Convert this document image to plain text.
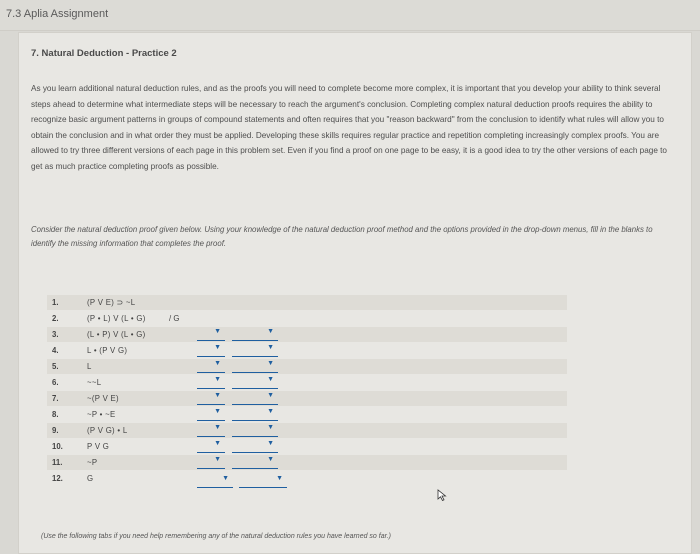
7.3 Aplia Assignment
7. Natural Deduction - Practice 2
As you learn additional natural deduction rules, and as the proofs you will need to complete become more complex, it is important that you develop your ability to think several steps ahead to determine what intermediate steps will be necessary to reach the argument's conclusion. Completing complex natural deduction proofs requires the ability to recognize basic argument patterns in groups of compound statements and often requires that you "reason backward" from the conclusion to identify what rules will allow you to obtain the conclusion and in what order they must be applied. Developing these skills requires regular practice and repetition completing increasingly complex proofs. You are allowed to try three different versions of each page in this problem set. Even if you find a proof on one page to be easy, it is a good idea to try the other versions of each page to get as much practice completing proofs as possible.
Consider the natural deduction proof given below. Using your knowledge of the natural deduction proof method and the options provided in the drop-down menus, fill in the blanks to identify the missing information that completes the proof.
1.	(P V E) ⊃ ~L
2.	(P • L) V (L • G)	/ G
3.	(L • P) V (L • G)	▼	▼
4.	L • (P V G)	▼	▼
5.	L	▼	▼
6.	~~L	▼	▼
7.	~(P V E)	▼	▼
8.	~P • ~E	▼	▼
9.	(P V G) • L	▼	▼
10.	P V G	▼	▼
11.	~P	▼	▼
12.	G	▼	▼
(Use the following tabs if you need help remembering any of the natural deduction rules you have learned so far.)
